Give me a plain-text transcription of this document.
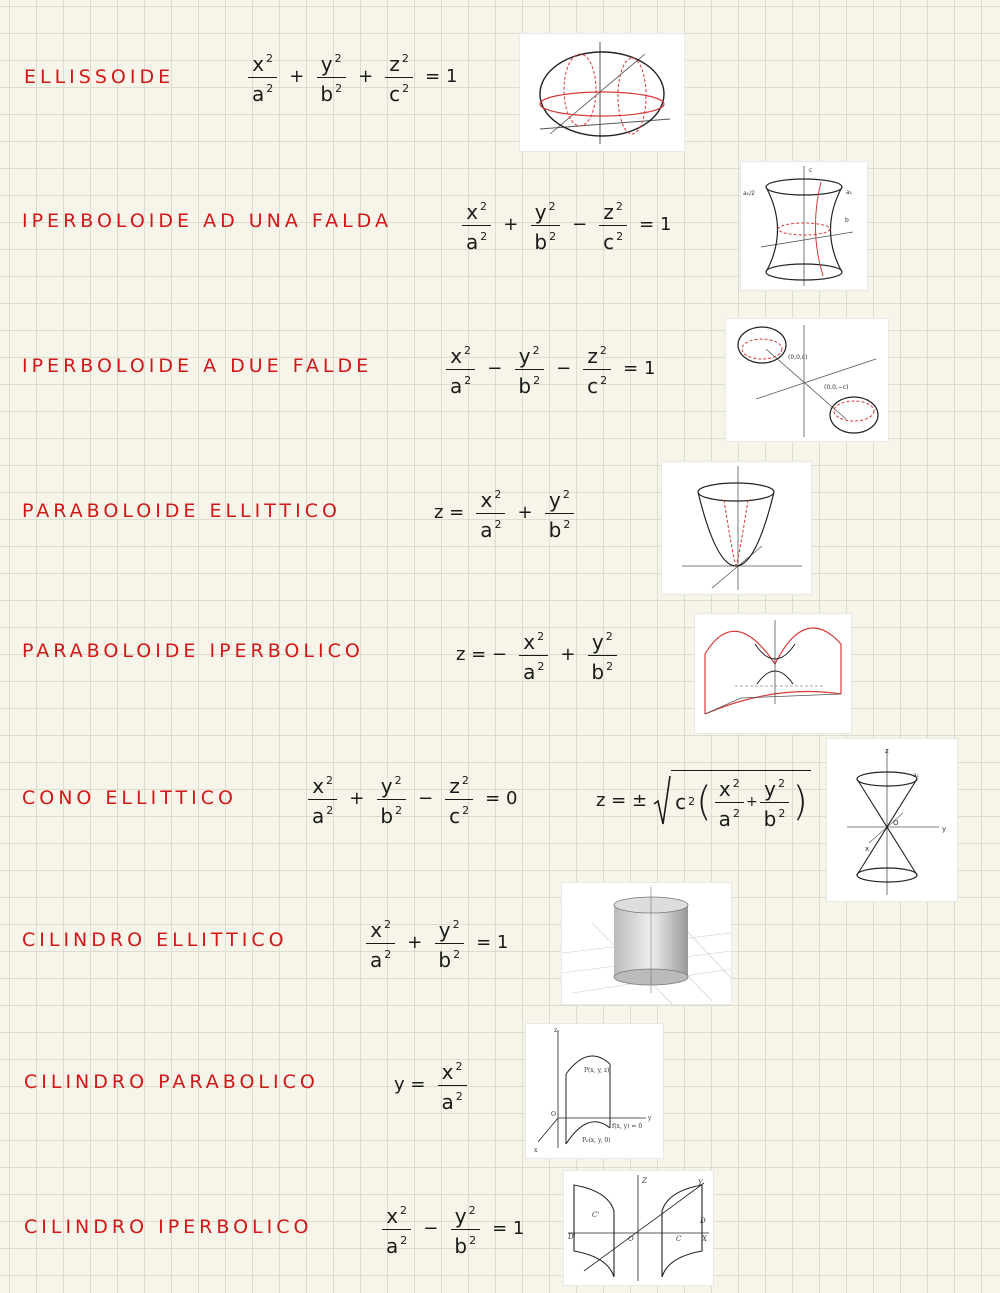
ELLISSOIDE	$\frac{x ^2}{a ^2} + \frac{y ^2}{b ^2} + \frac{z ^2}{c ^2} = 1$
IPERBOLOIDE AD UNA FALDA	$\frac{x ^2}{a ^2} + \frac{y ^2}{b ^2} - \frac{z ^2}{c ^2} = 1$
a₁/2
b
c
a₁
IPERBOLOIDE A DUE FALDE	$\frac{x ^2}{a ^2} - \frac{y ^2}{b ^2} - \frac{z ^2}{c ^2} = 1$
(0,0,c)
(0,0,−c)
PARABOLOIDE ELLITTICO	$z = \frac{x ^2}{a ^2} + \frac{y ^2}{b ^2}$
PARABOLOIDE IPERBOLICO	z = − $\frac{x ^2}{a ^2} + \frac{y ^2}{b ^2}$
CONO ELLITTICO	$\frac{x ^2}{a ^2} + \frac{y ^2}{b ^2} - \frac{z ^2}{c ^2} = 0$	z = ± c 2 ( $\frac{x ^2}{a ^2} + \frac{y ^2}{b ^2}$ )
z
a₁
y
x
O
CILINDRO ELLITTICO	$\frac{x ^2}{a ^2} + \frac{y ^2}{b ^2} = 1$
CILINDRO PARABOLICO	$y = \frac{x ^2}{a ^2}$	P(x, y, z)
O
f(x, y) = 0
P₀(x, y, 0)
x
y
z
CILINDRO IPERBOLICO	$\frac{x ^2}{a ^2} - \frac{y ^2}{b ^2} = 1$
Z	Y
C'
D
O	C	X
D'
